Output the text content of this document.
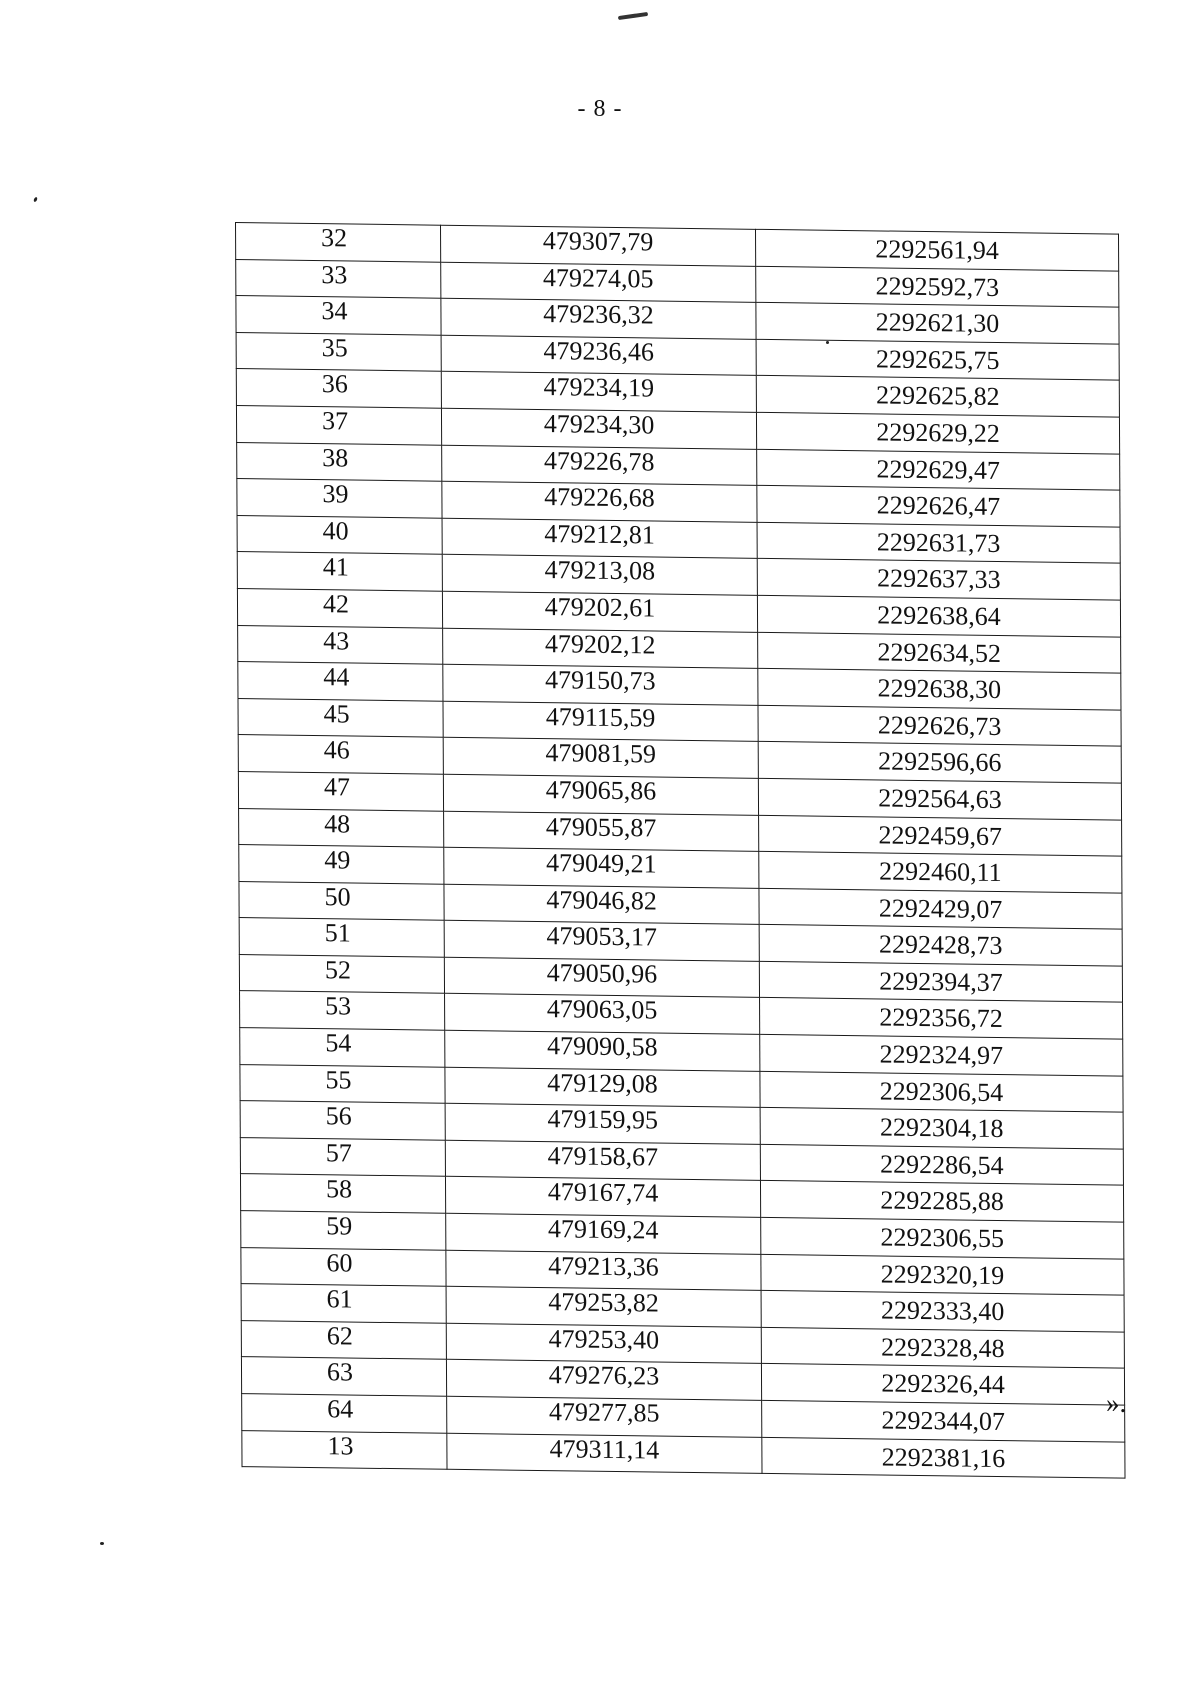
- 8 -
32	479307,79	2292561,94
33	479274,05	2292592,73
34	479236,32	2292621,30
35	479236,46	2292625,75
36	479234,19	2292625,82
37	479234,30	2292629,22
38	479226,78	2292629,47
39	479226,68	2292626,47
40	479212,81	2292631,73
41	479213,08	2292637,33
42	479202,61	2292638,64
43	479202,12	2292634,52
44	479150,73	2292638,30
45	479115,59	2292626,73
46	479081,59	2292596,66
47	479065,86	2292564,63
48	479055,87	2292459,67
49	479049,21	2292460,11
50	479046,82	2292429,07
51	479053,17	2292428,73
52	479050,96	2292394,37
53	479063,05	2292356,72
54	479090,58	2292324,97
55	479129,08	2292306,54
56	479159,95	2292304,18
57	479158,67	2292286,54
58	479167,74	2292285,88
59	479169,24	2292306,55
60	479213,36	2292320,19
61	479253,82	2292333,40
62	479253,40	2292328,48
63	479276,23	2292326,44
64	479277,85	2292344,07
13	479311,14	2292381,16
».
